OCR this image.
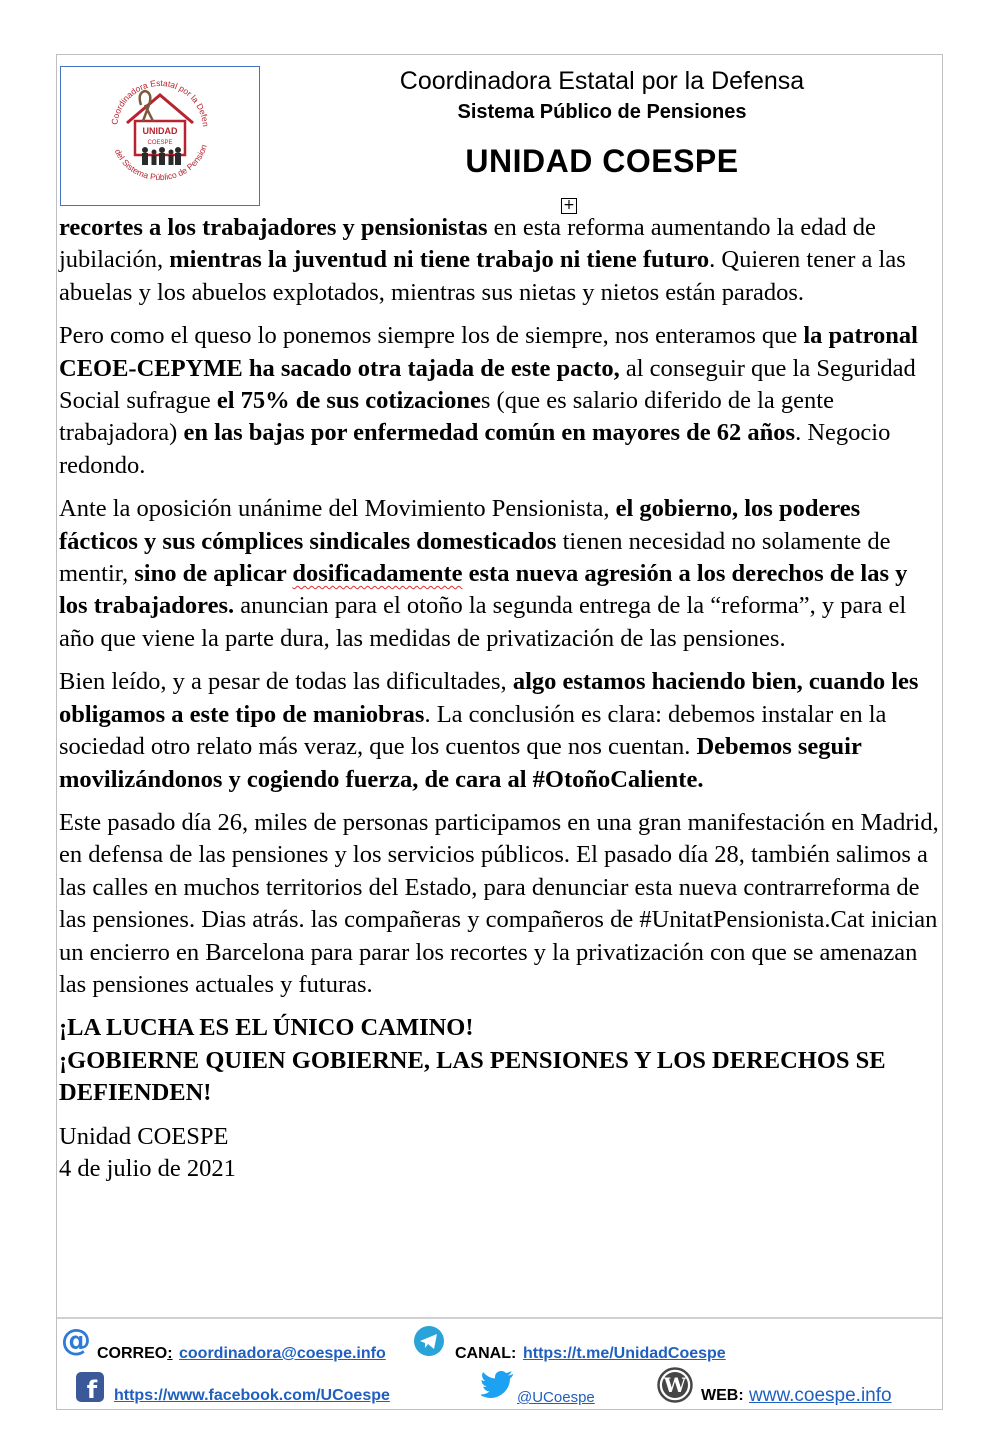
Coordinadora Estatal por la Defen
del Sistema Público de Pension
UNIDAD
COESPE
Coordinadora Estatal por la Defensa
Sistema Público de Pensiones
UNIDAD COESPE
+

recortes a los trabajadores y pensionistas en esta reforma aumentando la edad de jubilación, mientras la juventud ni tiene trabajo ni tiene futuro. Quieren tener a las abuelas y los abuelos explotados, mientras sus nietas y nietos están parados.

Pero como el queso lo ponemos siempre los de siempre, nos enteramos que la patronal CEOE-CEPYME ha sacado otra tajada de este pacto, al conseguir que la Seguridad Social sufrague el 75% de sus cotizaciones (que es salario diferido de la gente trabajadora) en las bajas por enfermedad común en mayores de 62 años. Negocio redondo.

Ante la oposición unánime del Movimiento Pensionista, el gobierno, los poderes fácticos y sus cómplices sindicales domesticados tienen necesidad no solamente de mentir, sino de aplicar dosificadamente esta nueva agresión a los derechos de las y los trabajadores. anuncian para el otoño la segunda entrega de la “reforma”, y para el año que viene la parte dura, las medidas de privatización de las pensiones.

Bien leído, y a pesar de todas las dificultades, algo estamos haciendo bien, cuando les obligamos a este tipo de maniobras. La conclusión es clara: debemos instalar en la sociedad otro relato más veraz, que los cuentos que nos cuentan. Debemos seguir movilizándonos y cogiendo fuerza, de cara al #OtoñoCaliente.

Este pasado día 26, miles de personas participamos en una gran manifestación en Madrid, en defensa de las pensiones y los servicios públicos. El pasado día 28, también salimos a las calles en muchos territorios del Estado, para denunciar esta nueva contrarreforma de las pensiones. Dias atrás. las compañeras y compañeros de #UnitatPensionista.Cat inician un encierro en Barcelona para parar los recortes y la privatización con que se amenazan las pensiones actuales y futuras.

¡LA LUCHA ES EL ÚNICO CAMINO!
¡GOBIERNE QUIEN GOBIERNE, LAS PENSIONES Y LOS DERECHOS SE DEFIENDEN!

Unidad COESPE
4 de julio de 2021

@ CORREO: coordinadora@coespe.info	CANAL: https://t.me/UnidadCoespe
f https://www.facebook.com/UCoespe	@UCoespe
W WEB: www.coespe.info
